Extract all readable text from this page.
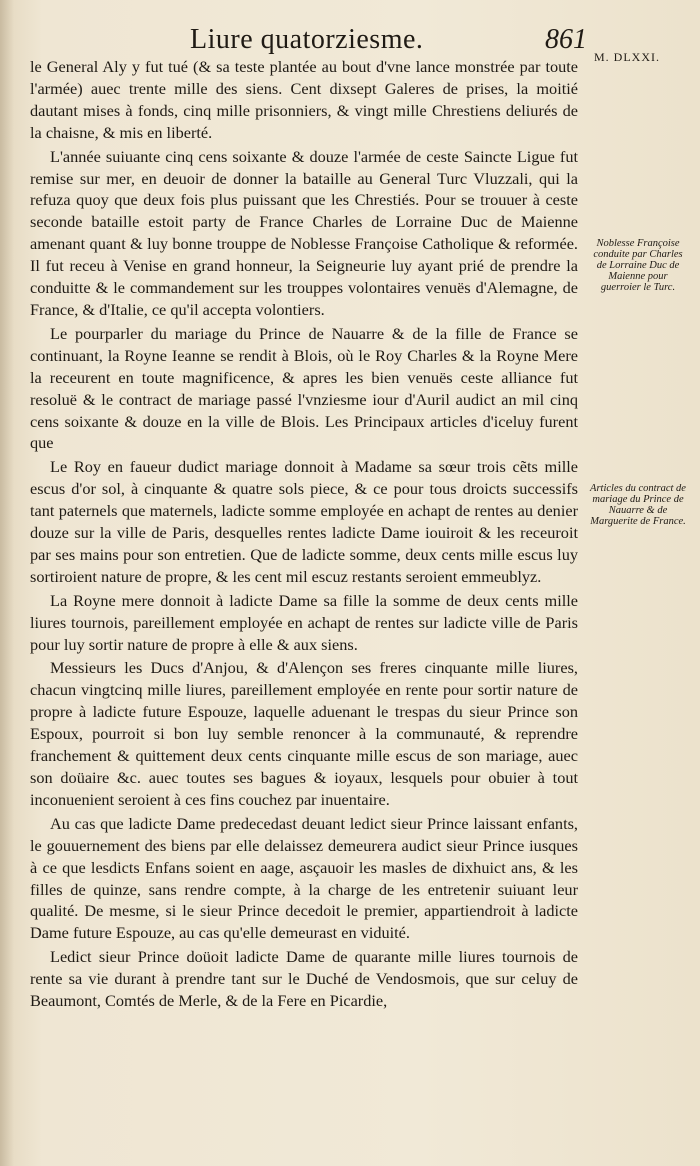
Liure quatorziesme.	861
M. DLXXI.

le General Aly y fut tué (& sa teste plantée au bout d'vne lance monstrée par toute l'armée) auec trente mille des siens. Cent dixsept Galeres de prises, la moitié dautant mises à fonds, cinq mille prisonniers, & vingt mille Chrestiens deliurés de la chaisne, & mis en liberté.

L'année suiuante cinq cens soixante & douze l'armée de ceste Saincte Ligue fut remise sur mer, en deuoir de donner la bataille au General Turc Vluzzali, qui la refuza quoy que deux fois plus puissant que les Chrestiés. Pour se trouuer à ceste seconde bataille estoit party de France Charles de Lorraine Duc de Maienne amenant quant & luy bonne trouppe de Noblesse Françoise Catholique & reformée. Il fut receu à Venise en grand honneur, la Seigneurie luy ayant prié de prendre la conduitte & le commandement sur les trouppes volontaires venuës d'Alemagne, de France, & d'Italie, ce qu'il accepta volontiers.

Le pourparler du mariage du Prince de Nauarre & de la fille de France se continuant, la Royne Ieanne se rendit à Blois, où le Roy Charles & la Royne Mere la receurent en toute magnificence, & apres les bien venuës ceste alliance fut resoluë & le contract de mariage passé l'vnziesme iour d'Auril audict an mil cinq cens soixante & douze en la ville de Blois. Les Principaux articles d'iceluy furent que

Le Roy en faueur dudict mariage donnoit à Madame sa sœur trois cẽts mille escus d'or sol, à cinquante & quatre sols piece, & ce pour tous droicts successifs tant paternels que maternels, ladicte somme employée en achapt de rentes au denier douze sur la ville de Paris, desquelles rentes ladicte Dame iouiroit & les receuroit par ses mains pour son entretien. Que de ladicte somme, deux cents mille escus luy sortiroient nature de propre, & les cent mil escuz restants seroient emmeublyz.

La Royne mere donnoit à ladicte Dame sa fille la somme de deux cents mille liures tournois, pareillement employée en achapt de rentes sur ladicte ville de Paris pour luy sortir nature de propre à elle & aux siens.

Messieurs les Ducs d'Anjou, & d'Alençon ses freres cinquante mille liures, chacun vingtcinq mille liures, pareillement employée en rente pour sortir nature de propre à ladicte future Espouze, laquelle aduenant le trespas du sieur Prince son Espoux, pourroit si bon luy semble renoncer à la communauté, & reprendre franchement & quittement deux cents cinquante mille escus de son mariage, auec son doüaire &c. auec toutes ses bagues & ioyaux, lesquels pour obuier à tout inconuenient seroient à ces fins couchez par inuentaire.

Au cas que ladicte Dame predecedast deuant ledict sieur Prince laissant enfants, le gouuernement des biens par elle delaissez demeurera audict sieur Prince iusques à ce que lesdicts Enfans soient en aage, asçauoir les masles de dixhuict ans, & les filles de quinze, sans rendre compte, à la charge de les entretenir suiuant leur qualité. De mesme, si le sieur Prince decedoit le premier, appartiendroit à ladicte Dame future Espouze, au cas qu'elle demeurast en viduité.

Ledict sieur Prince doüoit ladicte Dame de quarante mille liures tournois de rente sa vie durant à prendre tant sur le Duché de Vendosmois, que sur celuy de Beaumont, Comtés de Merle, & de la Fere en Picardie,

Noblesse Françoise conduite par Charles de Lorraine Duc de Maienne pour guerroier le Turc.
Articles du contract de mariage du Prince de Nauarre & de Marguerite de France.
